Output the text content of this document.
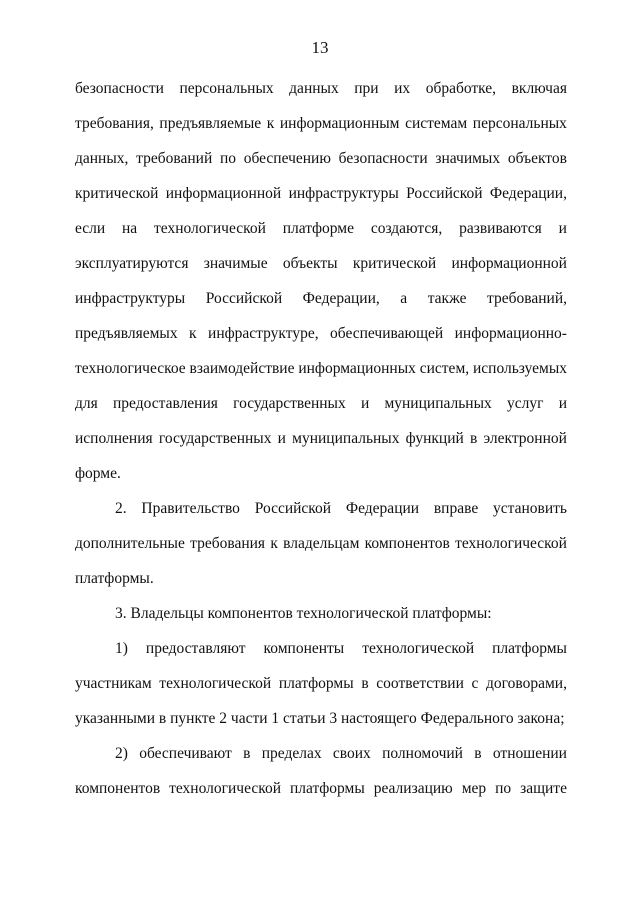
13
безопасности персональных данных при их обработке, включая
требования, предъявляемые к информационным системам персональных
данных, требований по обеспечению безопасности значимых объектов
критической информационной инфраструктуры Российской Федерации,
если на технологической платформе создаются, развиваются и
эксплуатируются значимые объекты критической информационной
инфраструктуры Российской Федерации, а также требований,
предъявляемых к инфраструктуре, обеспечивающей информационно-
технологическое взаимодействие информационных систем, используемых
для предоставления государственных и муниципальных услуг и
исполнения государственных и муниципальных функций в электронной
форме.
2. Правительство Российской Федерации вправе установить
дополнительные требования к владельцам компонентов технологической
платформы.
3. Владельцы компонентов технологической платформы:
1) предоставляют компоненты технологической платформы
участникам технологической платформы в соответствии с договорами,
указанными в пункте 2 части 1 статьи 3 настоящего Федерального закона;
2) обеспечивают в пределах своих полномочий в отношении
компонентов технологической платформы реализацию мер по защите
